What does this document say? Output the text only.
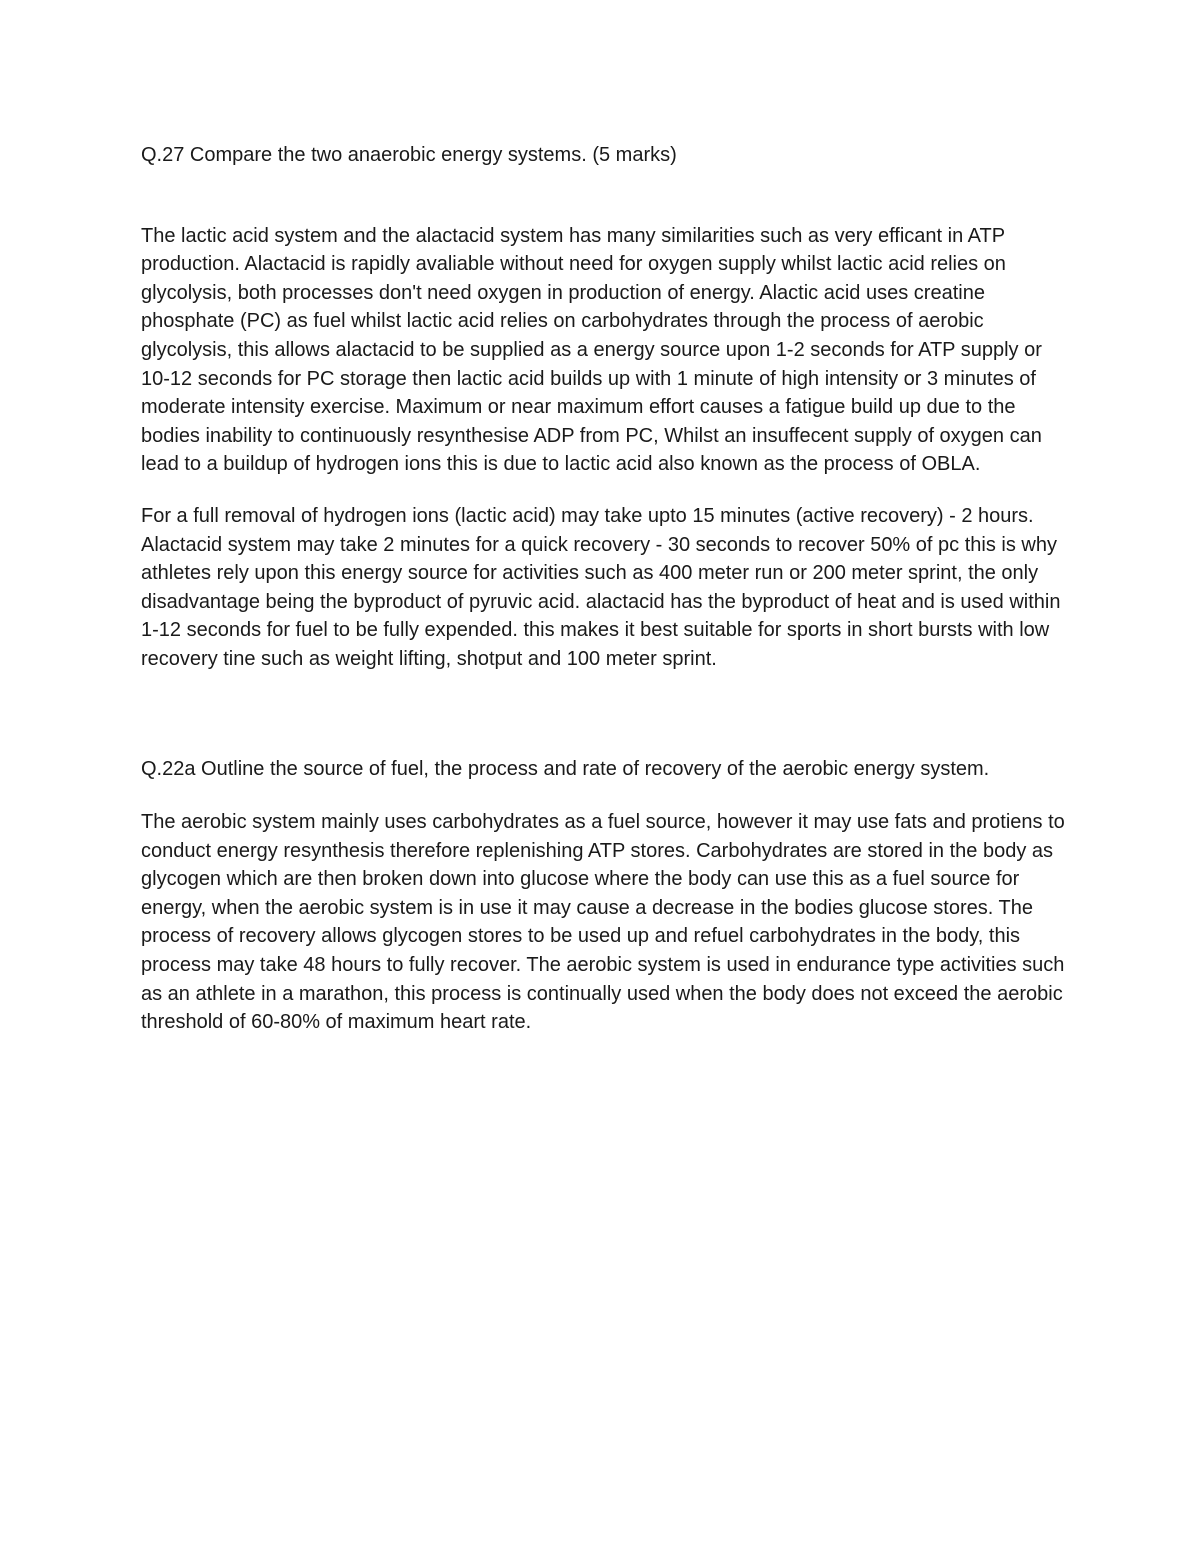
Q.27 Compare the two anaerobic energy systems. (5 marks)

The lactic acid system and the alactacid system has many similarities such as very efficant in ATP production. Alactacid is rapidly avaliable without need for oxygen supply whilst lactic acid relies on glycolysis, both processes don't need oxygen in production of energy. Alactic acid uses creatine phosphate (PC) as fuel whilst lactic acid relies on carbohydrates through the process of aerobic glycolysis, this allows alactacid to be supplied as a energy source upon 1-2 seconds for ATP supply or 10-12 seconds for PC storage then lactic acid builds up with 1 minute of high intensity or 3 minutes of moderate intensity exercise. Maximum or near maximum effort causes a fatigue build up due to the bodies inability to continuously resynthesise ADP from PC, Whilst an insuffecent supply of oxygen can lead to a buildup of hydrogen ions this is due to lactic acid also known as the process of OBLA.

For a full removal of hydrogen ions (lactic acid) may take upto 15 minutes (active recovery) - 2 hours. Alactacid system may take 2 minutes for a quick recovery - 30 seconds to recover 50% of pc this is why athletes rely upon this energy source for activities such as 400 meter run or 200 meter sprint, the only disadvantage being the byproduct of pyruvic acid. alactacid has the byproduct of heat and is used within 1-12 seconds for fuel to be fully expended. this makes it best suitable for sports in short bursts with low recovery tine such as weight lifting, shotput and 100 meter sprint.

Q.22a Outline the source of fuel, the process and rate of recovery of the aerobic energy system.

The aerobic system mainly uses carbohydrates as a fuel source, however it may use fats and protiens to conduct energy resynthesis therefore replenishing ATP stores. Carbohydrates are stored in the body as glycogen which are then broken down into glucose where the body can use this as a fuel source for energy, when the aerobic system is in use it may cause a decrease in the bodies glucose stores. The process of recovery allows glycogen stores to be used up and refuel carbohydrates in the body, this process may take 48 hours to fully recover. The aerobic system is used in endurance type activities such as an athlete in a marathon, this process is continually used when the body does not exceed the aerobic threshold of 60-80% of maximum heart rate.
